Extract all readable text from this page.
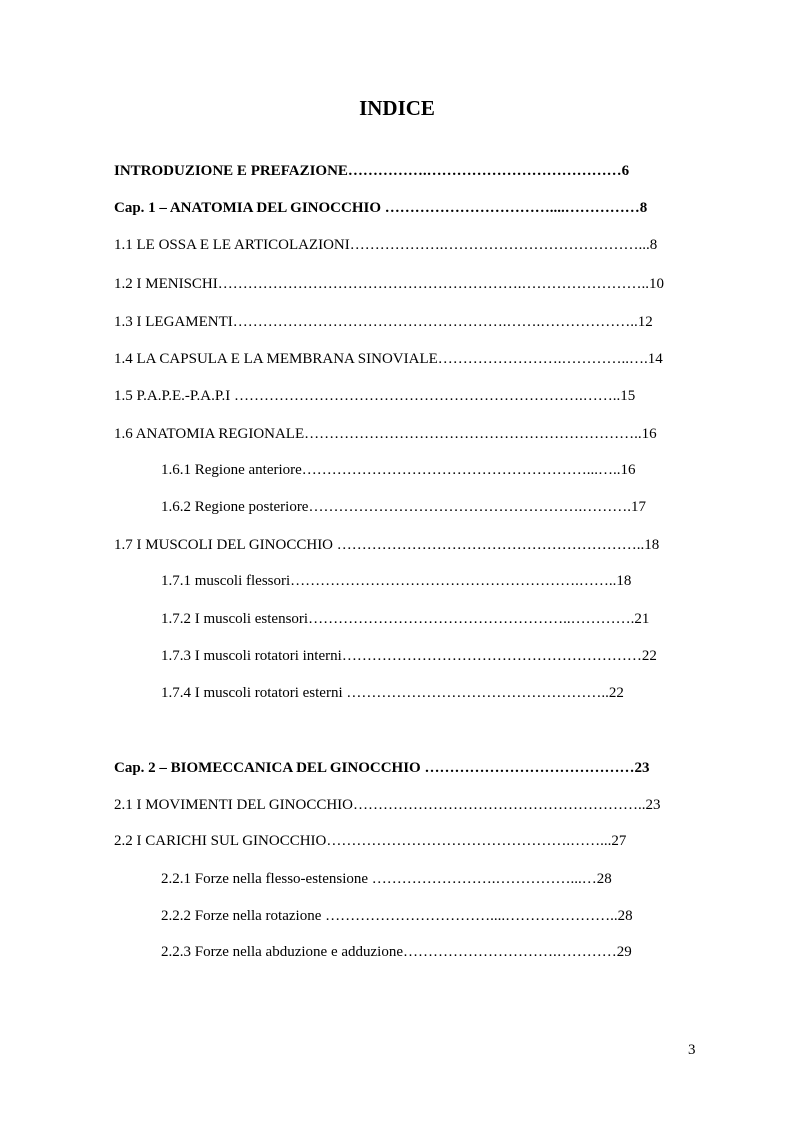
INDICE
INTRODUZIONE E PREFAZIONE…………….…………………………………6
Cap. 1 – ANATOMIA DEL GINOCCHIO ……………………………....……………8
1.1 LE OSSA E LE ARTICOLAZIONI……………….…………………………………...8
1.2 I MENISCHI…………………………………………………….……………………..10
1.3 I LEGAMENTI……………………………………………….…….………………..12
1.4 LA CAPSULA E LA MEMBRANA SINOVIALE…………………….…………..….14
1.5 P.A.P.E.-P.A.P.I …………………………………………………………….……..15
1.6 ANATOMIA REGIONALE…………………………………………………………..16
1.6.1 Regione anteriore…………………………………………………...…..16
1.6.2 Regione posteriore……………………………………………….……….17
1.7 I MUSCOLI DEL GINOCCHIO ……………………………………………………..18
1.7.1 muscoli flessori………………………………………………….……..18
1.7.2 I muscoli estensori……………………………………………..………….21
1.7.3 I muscoli rotatori interni……………………………………………………22
1.7.4 I muscoli rotatori esterni ……………………………………………..22
Cap. 2 – BIOMECCANICA DEL GINOCCHIO ……………………………………23
2.1 I MOVIMENTI DEL GINOCCHIO…………………………………………………..23
2.2 I CARICHI SUL GINOCCHIO………………………………………….……...27
2.2.1 Forze nella flesso-estensione …………………….……………...…28
2.2.2 Forze nella rotazione ……………………………....…………………..28
2.2.3 Forze nella abduzione e adduzione………………………….…………29

3
